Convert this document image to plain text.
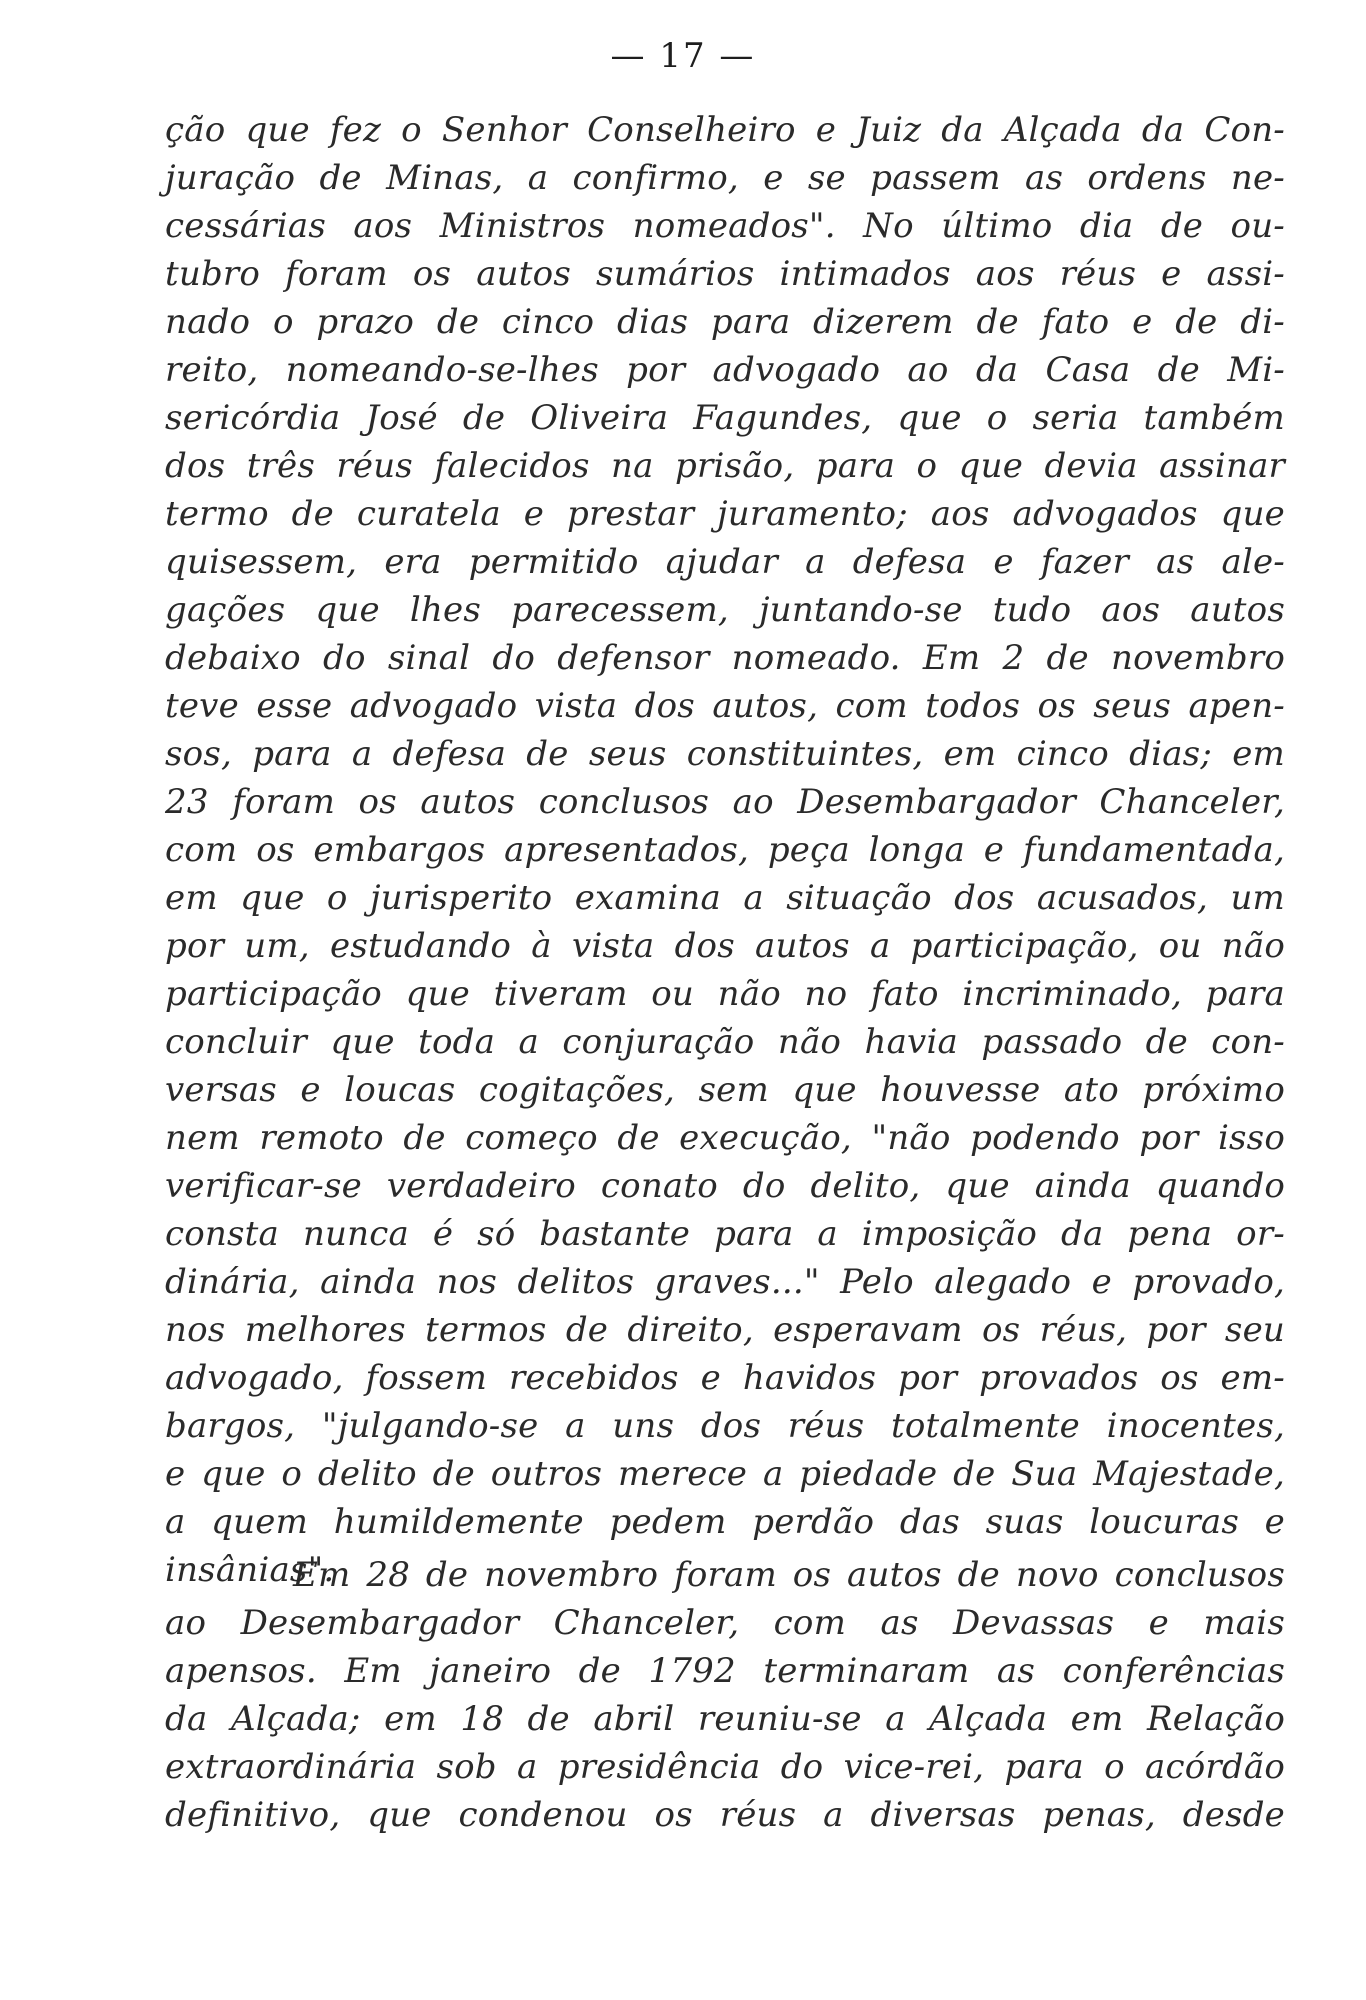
— 17 —
ção que fez o Senhor Conselheiro e Juiz da Alçada da Con-
juração de Minas, a confirmo, e se passem as ordens ne-
cessárias aos Ministros nomeados". No último dia de ou-
tubro foram os autos sumários intimados aos réus e assi-
nado o prazo de cinco dias para dizerem de fato e de di-
reito, nomeando-se-lhes por advogado ao da Casa de Mi-
sericórdia José de Oliveira Fagundes, que o seria também
dos três réus falecidos na prisão, para o que devia assinar
termo de curatela e prestar juramento; aos advogados que
quisessem, era permitido ajudar a defesa e fazer as ale-
gações que lhes parecessem, juntando-se tudo aos autos
debaixo do sinal do defensor nomeado. Em 2 de novembro
teve esse advogado vista dos autos, com todos os seus apen-
sos, para a defesa de seus constituintes, em cinco dias; em
23 foram os autos conclusos ao Desembargador Chanceler,
com os embargos apresentados, peça longa e fundamentada,
em que o jurisperito examina a situação dos acusados, um
por um, estudando à vista dos autos a participação, ou não
participação que tiveram ou não no fato incriminado, para
concluir que toda a conjuração não havia passado de con-
versas e loucas cogitações, sem que houvesse ato próximo
nem remoto de começo de execução, "não podendo por isso
verificar-se verdadeiro conato do delito, que ainda quando
consta nunca é só bastante para a imposição da pena or-
dinária, ainda nos delitos graves..." Pelo alegado e provado,
nos melhores termos de direito, esperavam os réus, por seu
advogado, fossem recebidos e havidos por provados os em-
bargos, "julgando-se a uns dos réus totalmente inocentes,
e que o delito de outros merece a piedade de Sua Majestade,
a quem humildemente pedem perdão das suas loucuras e
insânias".
Em 28 de novembro foram os autos de novo conclusos
ao Desembargador Chanceler, com as Devassas e mais
apensos. Em janeiro de 1792 terminaram as conferências
da Alçada; em 18 de abril reuniu-se a Alçada em Relação
extraordinária sob a presidência do vice-rei, para o acórdão
definitivo, que condenou os réus a diversas penas, desde
